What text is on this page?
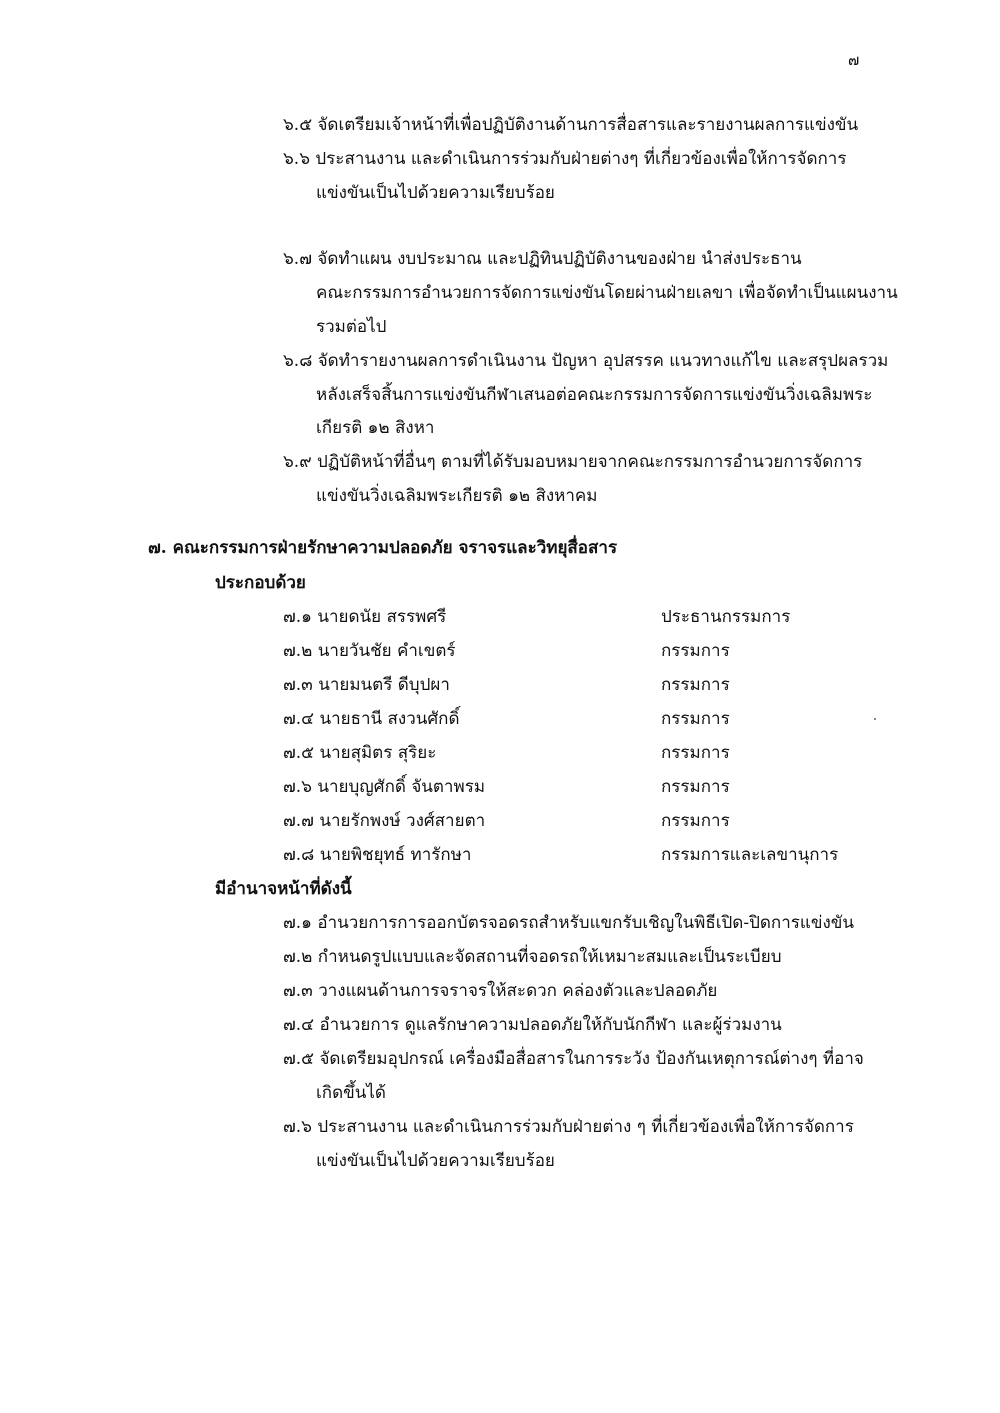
๗
๖.๕ จัดเตรียมเจ้าหน้าที่เพื่อปฏิบัติงานด้านการสื่อสารและรายงานผลการแข่งขัน
๖.๖ ประสานงาน และดำเนินการร่วมกับฝ่ายต่างๆ ที่เกี่ยวข้องเพื่อให้การจัดการ
แข่งขันเป็นไปด้วยความเรียบร้อย
๖.๗ จัดทำแผน งบประมาณ และปฏิทินปฏิบัติงานของฝ่าย นำส่งประธาน
คณะกรรมการอำนวยการจัดการแข่งขันโดยผ่านฝ่ายเลขา เพื่อจัดทำเป็นแผนงาน
รวมต่อไป
๖.๘ จัดทำรายงานผลการดำเนินงาน ปัญหา อุปสรรค แนวทางแก้ไข และสรุปผลรวม
หลังเสร็จสิ้นการแข่งขันกีฬาเสนอต่อคณะกรรมการจัดการแข่งขันวิ่งเฉลิมพระ
เกียรติ ๑๒ สิงหา
๖.๙ ปฏิบัติหน้าที่อื่นๆ ตามที่ได้รับมอบหมายจากคณะกรรมการอำนวยการจัดการ
แข่งขันวิ่งเฉลิมพระเกียรติ ๑๒ สิงหาคม
๗. คณะกรรมการฝ่ายรักษาความปลอดภัย จราจรและวิทยุสื่อสาร
ประกอบด้วย
๗.๑ นายดนัย สรรพศรี	ประธานกรรมการ
๗.๒ นายวันชัย คำเขตร์	กรรมการ
๗.๓ นายมนตรี ดีบุปผา	กรรมการ
๗.๔ นายธานี สงวนศักดิ์	กรรมการ
๗.๕ นายสุมิตร สุริยะ	กรรมการ
๗.๖ นายบุญศักดิ์ จันตาพรม	กรรมการ
๗.๗ นายรักพงษ์ วงศ์สายตา	กรรมการ
๗.๘ นายพิชยุทธ์ ทารักษา	กรรมการและเลขานุการ
มีอำนาจหน้าที่ดังนี้
๗.๑ อำนวยการการออกบัตรจอดรถสำหรับแขกรับเชิญในพิธีเปิด-ปิดการแข่งขัน
๗.๒ กำหนดรูปแบบและจัดสถานที่จอดรถให้เหมาะสมและเป็นระเบียบ
๗.๓ วางแผนด้านการจราจรให้สะดวก คล่องตัวและปลอดภัย
๗.๔ อำนวยการ ดูแลรักษาความปลอดภัยให้กับนักกีฬา และผู้ร่วมงาน
๗.๕ จัดเตรียมอุปกรณ์ เครื่องมือสื่อสารในการระวัง ป้องกันเหตุการณ์ต่างๆ ที่อาจ
เกิดขึ้นได้
๗.๖ ประสานงาน และดำเนินการร่วมกับฝ่ายต่าง ๆ ที่เกี่ยวข้องเพื่อให้การจัดการ
แข่งขันเป็นไปด้วยความเรียบร้อย
